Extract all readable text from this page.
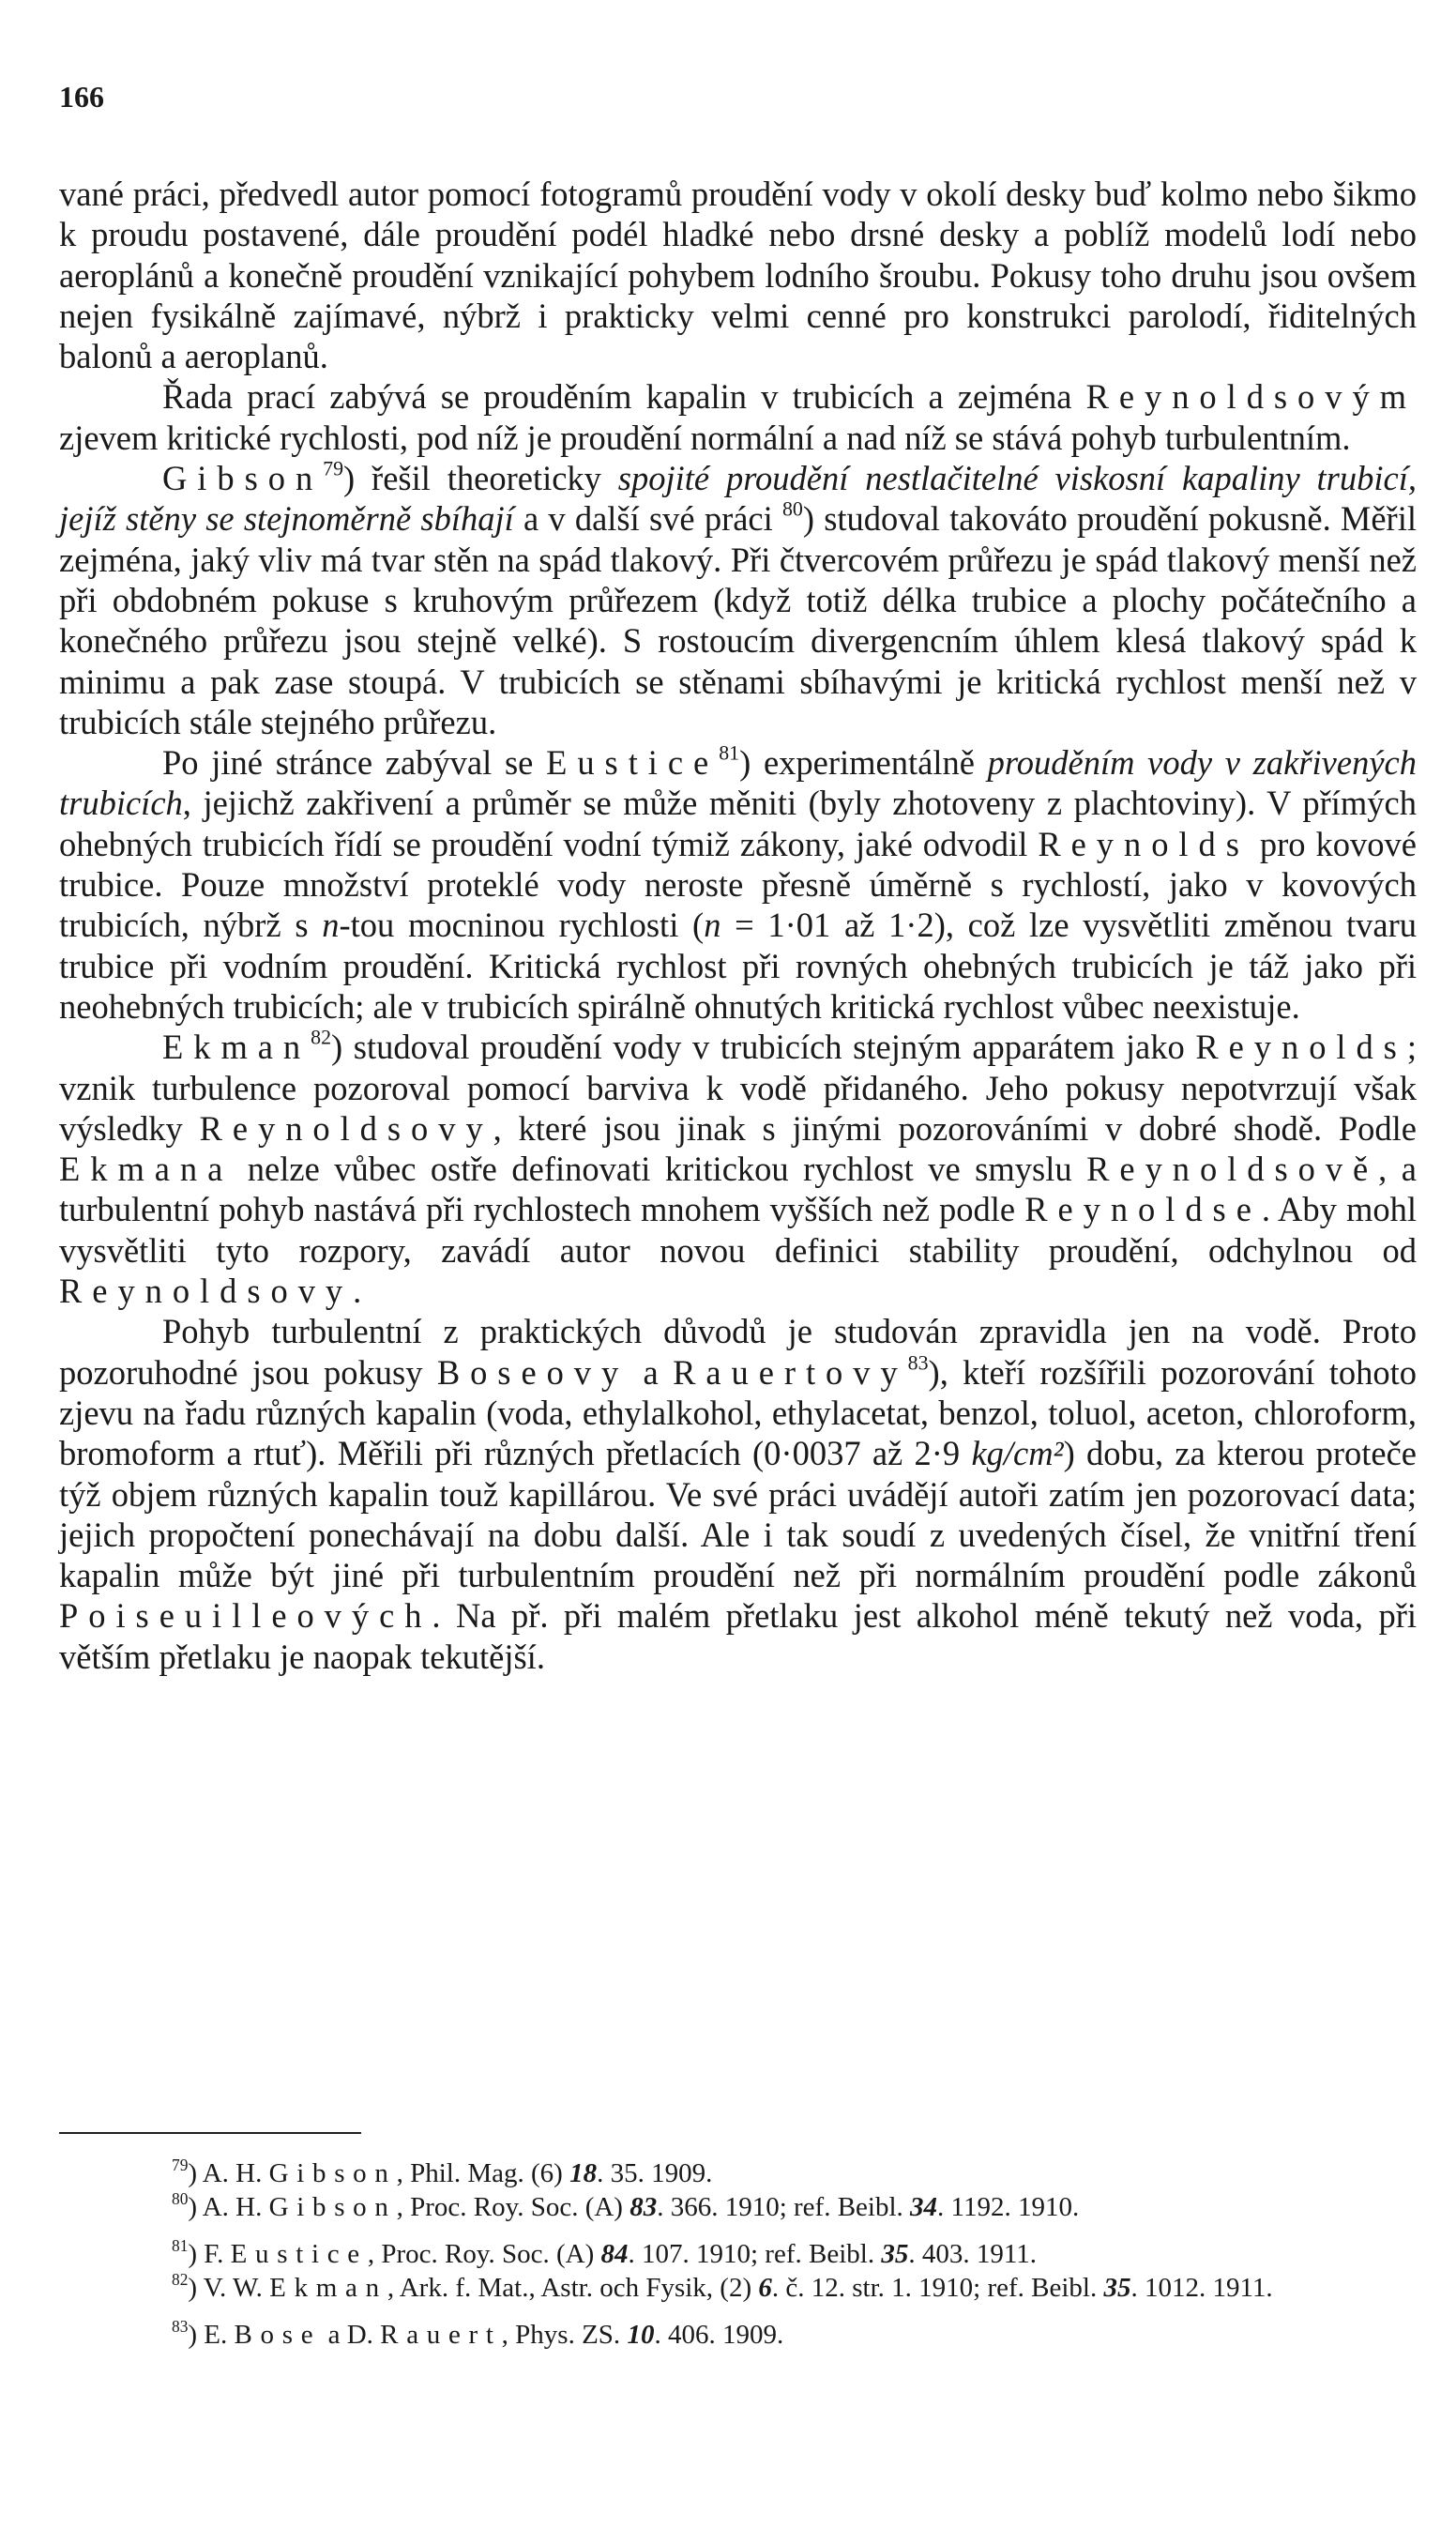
166

vané práci, předvedl autor pomocí fotogramů proudění vody v okolí desky buď kolmo nebo šikmo k proudu postavené, dále proudění podél hladké nebo drsné desky a poblíž modelů lodí nebo aeroplánů a konečně proudění vznikající pohybem lodního šroubu. Pokusy toho druhu jsou ovšem nejen fysikálně zajímavé, nýbrž i prakticky velmi cenné pro konstrukci parolodí, řiditelných balonů a aeroplanů.

Řada prací zabývá se prouděním kapalin v trubicích a zejména Reynoldsovým zjevem kritické rychlosti, pod níž je proudění normální a nad níž se stává pohyb turbulentním.

Gibson$^{79}$) řešil theoreticky spojité proudění nestlačitelné viskosní kapaliny trubicí, jejíž stěny se stejnoměrně sbíhají a v další své práci $^{80}$) studoval takováto proudění pokusně. Měřil zejména, jaký vliv má tvar stěn na spád tlakový. Při čtvercovém průřezu je spád tlakový menší než při obdobném pokuse s kruhovým průřezem (když totiž délka trubice a plochy počátečního a konečného průřezu jsou stejně velké). S rostoucím divergencním úhlem klesá tlakový spád k minimu a pak zase stoupá. V trubicích se stěnami sbíhavými je kritická rychlost menší než v trubicích stále stejného průřezu.

Po jiné stránce zabýval se Eustice$^{81}$) experimentálně prouděním vody v zakřivených trubicích, jejichž zakřivení a průměr se může měniti (byly zhotoveny z plachtoviny). V přímých ohebných trubicích řídí se proudění vodní týmiž zákony, jaké odvodil Reynolds pro kovové trubice. Pouze množství proteklé vody neroste přesně úměrně s rychlostí, jako v kovových trubicích, nýbrž s n-tou mocninou rychlosti (n = 1·01 až 1·2), což lze vysvětliti změnou tvaru trubice při vodním proudění. Kritická rychlost při rovných ohebných trubicích je táž jako při neohebných trubicích; ale v trubicích spirálně ohnutých kritická rychlost vůbec neexistuje.

Ekman$^{82}$) studoval proudění vody v trubicích stejným apparátem jako Reynolds; vznik turbulence pozoroval pomocí barviva k vodě přidaného. Jeho pokusy nepotvrzují však výsledky Reynoldsovy, které jsou jinak s jinými pozorováními v dobré shodě. Podle Ekmana nelze vůbec ostře definovati kritickou rychlost ve smyslu Reynoldsově, a turbulentní pohyb nastává při rychlostech mnohem vyšších než podle Reynoldse. Aby mohl vysvětliti tyto rozpory, zavádí autor novou definici stability proudění, odchylnou od Reynoldsovy.

Pohyb turbulentní z praktických důvodů je studován zpravidla jen na vodě. Proto pozoruhodné jsou pokusy Boseovy a Rauertovy$^{83}$), kteří rozšířili pozorování tohoto zjevu na řadu různých kapalin (voda, ethylalkohol, ethylacetat, benzol, toluol, aceton, chloroform, bromoform a rtuť). Měřili při různých přetlacích (0·0037 až 2·9 kg/cm²) dobu, za kterou proteče týž objem různých kapalin touž kapillárou. Ve své práci uvádějí autoři zatím jen pozorovací data; jejich propočtení ponechávají na dobu další. Ale i tak soudí z uvedených čísel, že vnitřní tření kapalin může být jiné při turbulentním proudění než při normálním proudění podle zákonů Poiseuilleových. Na př. při malém přetlaku jest alkohol méně tekutý než voda, při větším přetlaku je naopak tekutější.

$^{79}$) A. H. Gibson, Phil. Mag. (6) 18. 35. 1909.

$^{80}$) A. H. Gibson, Proc. Roy. Soc. (A) 83. 366. 1910; ref. Beibl. 34. 1192. 1910.

$^{81}$) F. Eustice, Proc. Roy. Soc. (A) 84. 107. 1910; ref. Beibl. 35. 403. 1911.

$^{82}$) V. W. Ekman, Ark. f. Mat., Astr. och Fysik, (2) 6. č. 12. str. 1. 1910; ref. Beibl. 35. 1012. 1911.

$^{83}$) E. Bose a D. Rauert, Phys. ZS. 10. 406. 1909.
